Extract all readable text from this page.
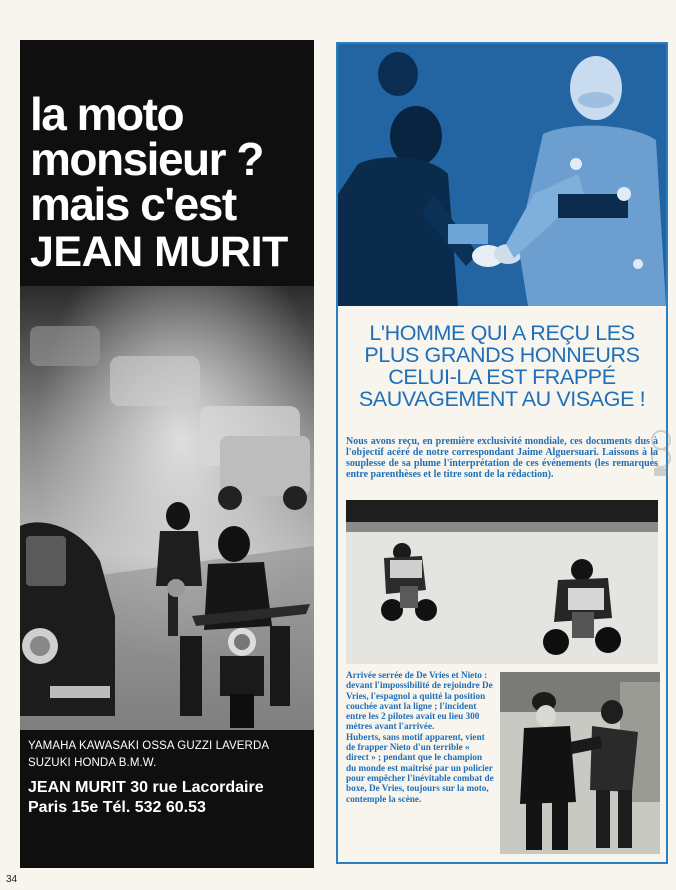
34
la moto
monsieur ?
mais c'est
JEAN MURIT
YAMAHA KAWASAKI OSSA GUZZI LAVERDA
SUZUKI HONDA B.M.W.
JEAN MURIT 30 rue Lacordaire
Paris 15e Tél. 532 60.53
L'HOMME QUI A REÇU LES
PLUS GRANDS HONNEURS
CELUI-LA EST FRAPPÉ
SAUVAGEMENT AU VISAGE !

Nous avons reçu, en première exclusivité mondiale, ces documents dus à l'objectif acéré de notre correspondant Jaime Alguersuari. Laissons à la souplesse de sa plume l'interprétation de ces événements (les remarques entre parenthèses et le titre sont de la rédaction).

Arrivée serrée de De Vries et Nieto : devant l'impossibilité de rejoindre De Vries, l'espagnol a quitté la position couchée avant la ligne ; l'incident entre les 2 pilotes avait eu lieu 300 mètres avant l'arrivée.

Huberts, sans motif apparent, vient de frapper Nieto d'un terrible « direct » ; pendant que le champion du monde est maîtrisé par un policier pour empêcher l'inévitable combat de boxe, De Vries, toujours sur la moto, contemple la scène.
